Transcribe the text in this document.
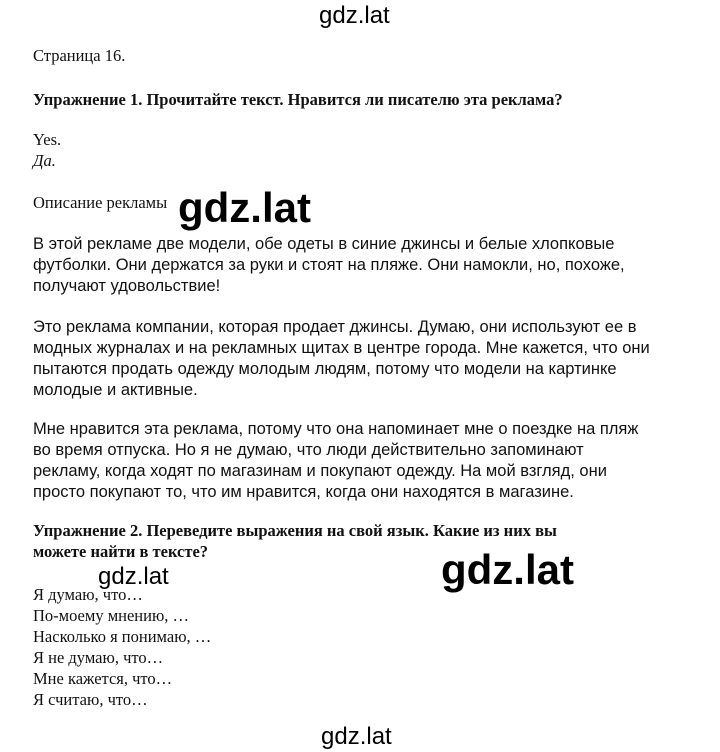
gdz.lat
gdz.lat
Страница 16.
Упражнение 1. Прочитайте текст. Нравится ли писателю эта реклама?
Yes.
Да.
Описание рекламы gdz.lat
В этой рекламе две модели, обе одеты в синие джинсы и белые хлопковые
футболки. Они держатся за руки и стоят на пляже. Они намокли, но, похоже,
получают удовольствие!
Это реклама компании, которая продает джинсы. Думаю, они используют ее в
модных журналах и на рекламных щитах в центре города. Мне кажется, что они
пытаются продать одежду молодым людям, потому что модели на картинке
молодые и активные.
Мне нравится эта реклама, потому что она напоминает мне о поездке на пляж
во время отпуска. Но я не думаю, что люди действительно запоминают
рекламу, когда ходят по магазинам и покупают одежду. На мой взгляд, они
просто покупают то, что им нравится, когда они находятся в магазине.
Упражнение 2. Переведите выражения на свой язык. Какие из них вы
можете найти в тексте?	gdz.lat
gdz.lat
Я думаю, что…
По-моему мнению, …
Насколько я понимаю, …
Я не думаю, что…
Мне кажется, что…
Я считаю, что…
